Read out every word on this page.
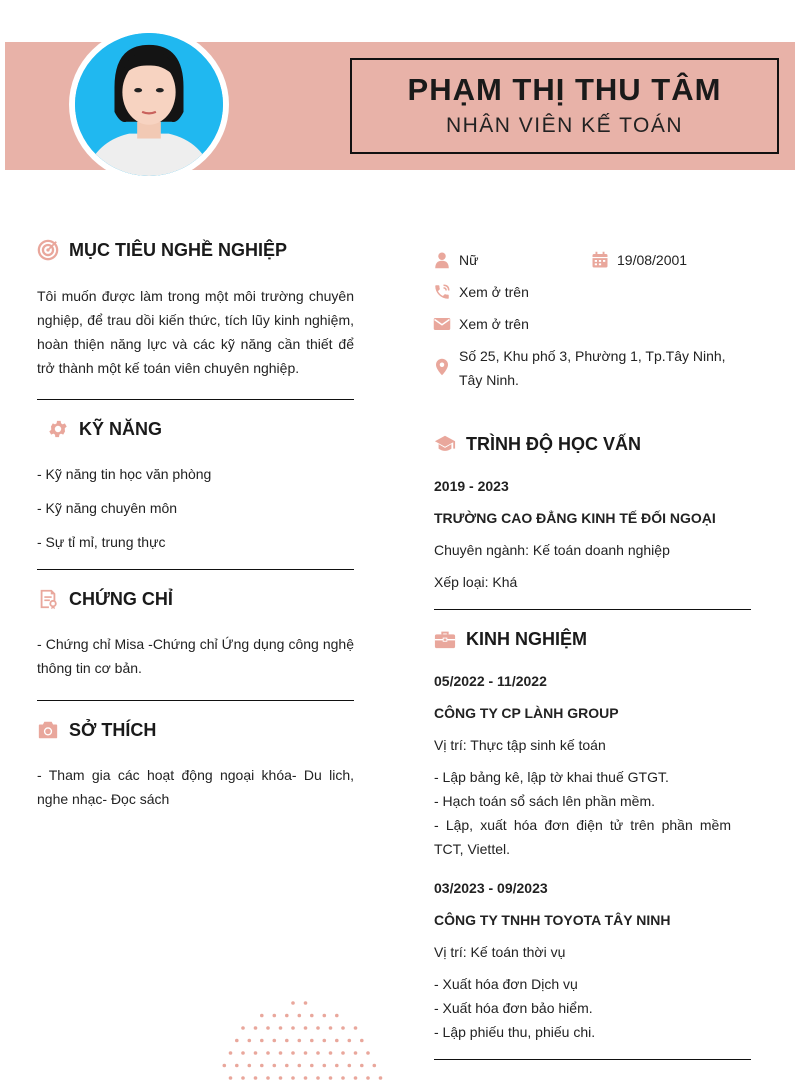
PHẠM THỊ THU TÂM
NHÂN VIÊN KẾ TOÁN
MỤC TIÊU NGHỀ NGHIỆP
Tôi muốn được làm trong một môi trường chuyên nghiệp, để trau dồi kiến thức, tích lũy kinh nghiệm, hoàn thiện năng lực và các kỹ năng cần thiết để trở thành một kế toán viên chuyên nghiệp.
KỸ NĂNG
- Kỹ năng tin học văn phòng
- Kỹ năng chuyên môn
- Sự tỉ mỉ, trung thực
CHỨNG CHỈ
- Chứng chỉ Misa -Chứng chỉ Ứng dụng công nghệ thông tin cơ bản.
SỞ THÍCH
- Tham gia các hoạt động ngoại khóa- Du lich, nghe nhạc- Đọc sách
Nữ	19/08/2001
Xem ở trên
Xem ở trên
Số 25, Khu phố 3, Phường 1, Tp.Tây Ninh, Tây Ninh.
TRÌNH ĐỘ HỌC VẤN
2019 - 2023
TRƯỜNG CAO ĐẲNG KINH TẾ ĐỐI NGOẠI
Chuyên ngành: Kế toán doanh nghiệp
Xếp loại: Khá
KINH NGHIỆM
05/2022 - 11/2022
CÔNG TY CP LÀNH GROUP
Vị trí: Thực tập sinh kế toán
- Lập bảng kê, lập tờ khai thuế GTGT.
- Hạch toán sổ sách lên phần mềm.
- Lập, xuất hóa đơn điện tử trên phần mềm TCT, Viettel.
03/2023 - 09/2023
CÔNG TY TNHH TOYOTA TÂY NINH
Vị trí: Kế toán thời vụ
- Xuất hóa đơn Dịch vụ
- Xuất hóa đơn bảo hiểm.
- Lập phiếu thu, phiếu chi.
